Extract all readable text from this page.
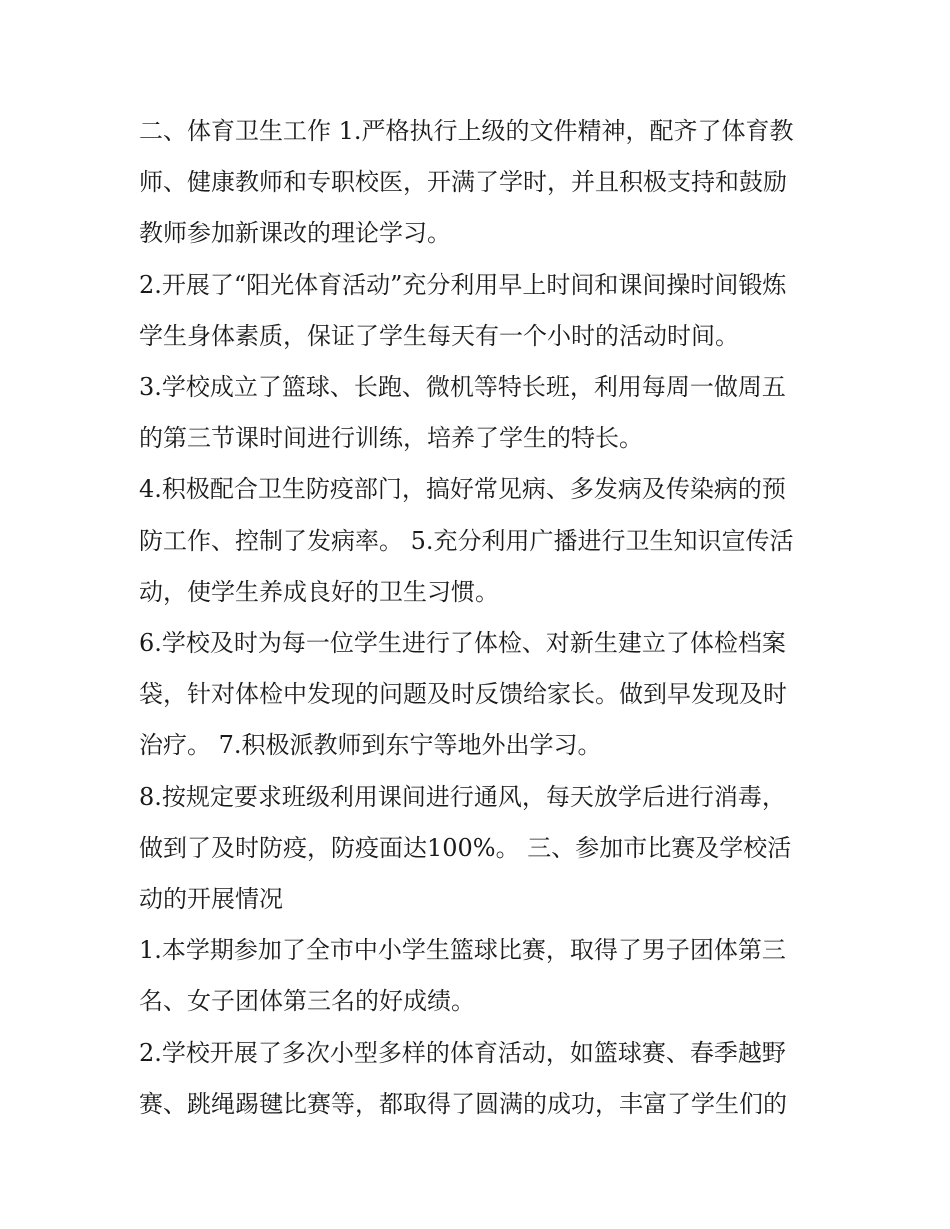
二、体育卫生工作 1.严格执行上级的文件精神，配齐了体育教
师、健康教师和专职校医，开满了学时，并且积极支持和鼓励
教师参加新课改的理论学习。

2.开展了“阳光体育活动”充分利用早上时间和课间操时间锻炼
学生身体素质，保证了学生每天有一个小时的活动时间。

3.学校成立了篮球、长跑、微机等特长班，利用每周一做周五
的第三节课时间进行训练，培养了学生的特长。

4.积极配合卫生防疫部门，搞好常见病、多发病及传染病的预
防工作、控制了发病率。 5.充分利用广播进行卫生知识宣传活
动，使学生养成良好的卫生习惯。

6.学校及时为每一位学生进行了体检、对新生建立了体检档案
袋，针对体检中发现的问题及时反馈给家长。做到早发现及时
治疗。 7.积极派教师到东宁等地外出学习。

8.按规定要求班级利用课间进行通风，每天放学后进行消毒，
做到了及时防疫，防疫面达100%。 三、参加市比赛及学校活
动的开展情况

1.本学期参加了全市中小学生篮球比赛，取得了男子团体第三
名、女子团体第三名的好成绩。

2.学校开展了多次小型多样的体育活动，如篮球赛、春季越野
赛、跳绳踢毽比赛等，都取得了圆满的成功，丰富了学生们的
